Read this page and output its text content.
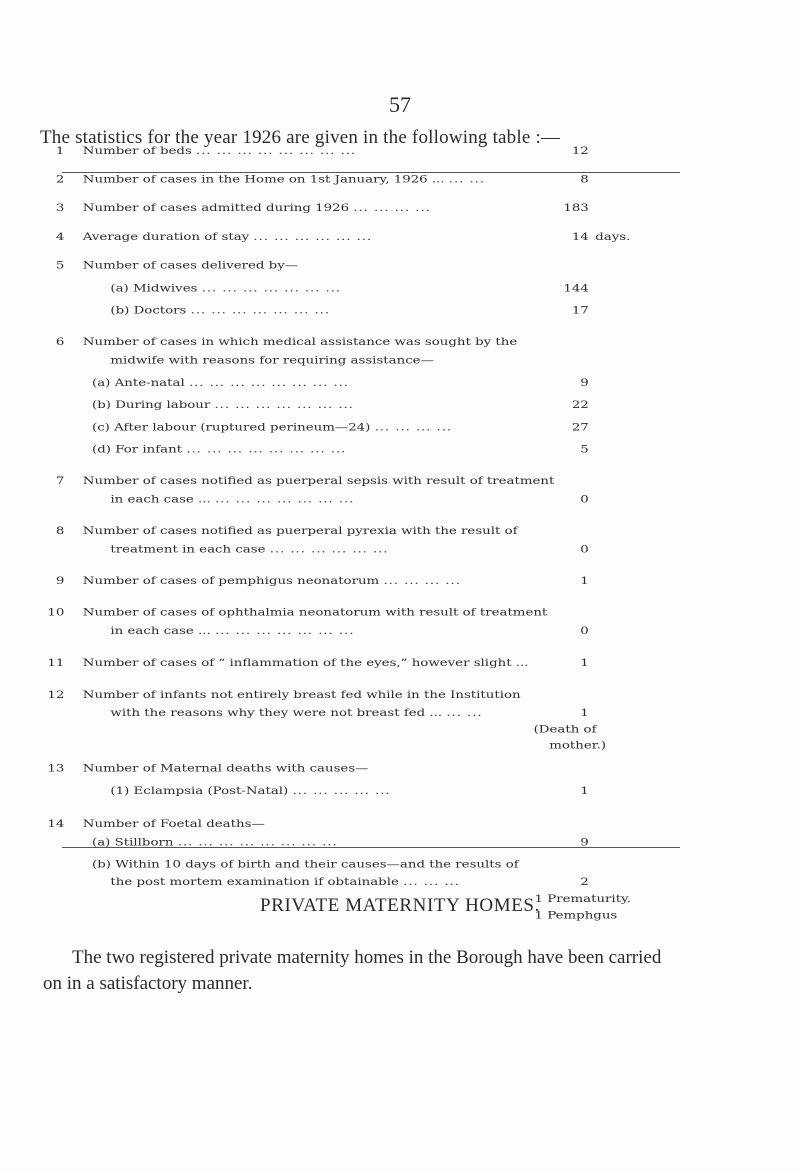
57
The statistics for the year 1926 are given in the following table :—
1 Number of beds ... ... ... ... ... ... ... ...	12
2 Number of cases in the Home on 1st January, 1926 ... ... ...	8
3 Number of cases admitted during 1926 ... ... ... ...	183
4 Average duration of stay ... ... ... ... ... ...	14 days.
5 Number of cases delivered by—
(a) Midwives ... ... ... ... ... ... ...	144
(b) Doctors ... ... ... ... ... ... ...	17
6 Number of cases in which medical assistance was sought by the
midwife with reasons for requiring assistance—
(a) Ante-natal ... ... ... ... ... ... ... ...	9
(b) During labour ... ... ... ... ... ... ...	22
(c) After labour (ruptured perineum—24) ... ... ... ...	27
(d) For infant ... ... ... ... ... ... ... ...	5
7 Number of cases notified as puerperal sepsis with result of treatment
in each case ... ... ... ... ... ... ... ...	0
8 Number of cases notified as puerperal pyrexia with the result of
treatment in each case ... ... ... ... ... ...	0
9 Number of cases of pemphigus neonatorum ... ... ... ...	1
10 Number of cases of ophthalmia neonatorum with result of treatment
in each case ... ... ... ... ... ... ... ...	0
11 Number of cases of “ inflammation of the eyes,” however slight ...	1
12 Number of infants not entirely breast fed while in the Institution
with the reasons why they were not breast fed ... ... ...	1
(Death of
mother.)
13 Number of Maternal deaths with causes—
(1) Eclampsia (Post-Natal) ... ... ... ... ...	1
14 Number of Foetal deaths—
(a) Stillborn ... ... ... ... ... ... ... ...	9
(b) Within 10 days of birth and their causes—and the results of
the post mortem examination if obtainable ... ... ...	2
1 Prematurity.
1 Pemphgus
PRIVATE MATERNITY HOMES.
The two registered private maternity homes in the Borough have been carried
on in a satisfactory manner.
